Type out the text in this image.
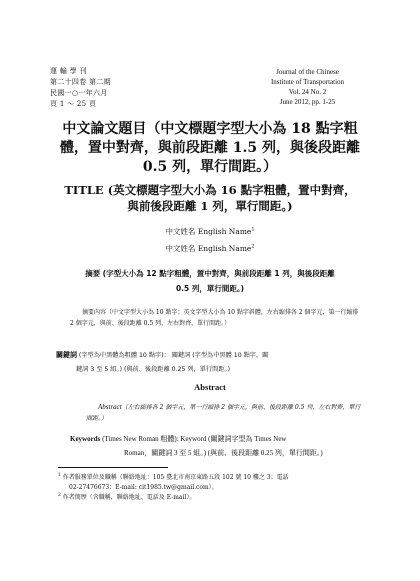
運 輸 學 刊
第二十四卷 第二期
民國一○一年六月
頁 1 ～ 25 頁
Journal of the Chinese
Institute of Transportation
Vol. 24 No. 2
June 2012, pp. 1-25
中文論文題目（中文標題字型大小為 18 點字粗
體，置中對齊，與前段距離 1.5 列，與後段距離
0.5 列，單行間距。）
TITLE (英文標題字型大小為 16 點字粗體，置中對齊，
與前後段距離 1 列，單行間距。)
中文姓名 English Name$^1$
中文姓名 English Name$^2$
摘要 (字型大小為 12 點字粗體，置中對齊，與前段距離 1 列，與後段距離
0.5 列，單行間距。)
摘要內容（中文字型大小為 10 點字；英文字型大小為 10 點字斜體，左右縮排各 2 個字元，第一行縮排 2 個字元，與前、後段距離 0.5 列，左右對齊，單行間距。）
關鍵詞 (字型為中黑體為粗體 10 點字)： 關鍵詞 (字型為中黑體 10 點字，關
鍵詞 3 至 5 組。) (與前、後段距離 0.25 列，單行間距。)
Abstract
Abstract（左右縮排各 2 個字元，第一行縮排 2 個字元，與前、後段距離 0.5 列，左右對齊，單行間距。）
Keywords (Times New Roman 粗體): Keyword (關鍵詞字型為 Times New
Roman，關鍵詞 3 至 5 組。) (與前、後段距離 0.25 列，單行間距。)
$^1$ 作者服務單位及職稱（聯絡地址：105 臺北市南京東路五段 102 號 10 樓之 3；電話
02-27476673；E-mail: cit1985.tw@gmail.com）。
$^2$ 作者簡歷（含職稱，聯絡地址、電話及 E-mail）。
